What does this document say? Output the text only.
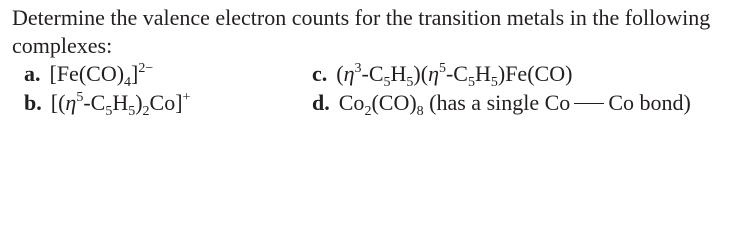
Determine the valence electron counts for the transition metals in the following
complexes:

a. $[Fe(CO)_4]^{2-}$
b. $[(\eta^5-C_5H_5)_2Co]^+$
c. $(\eta^3-C_5H_5)(\eta^5-C_5H_5)Fe(CO)$
d. $Co_2(CO)_8$ (has a single Co Co bond)
